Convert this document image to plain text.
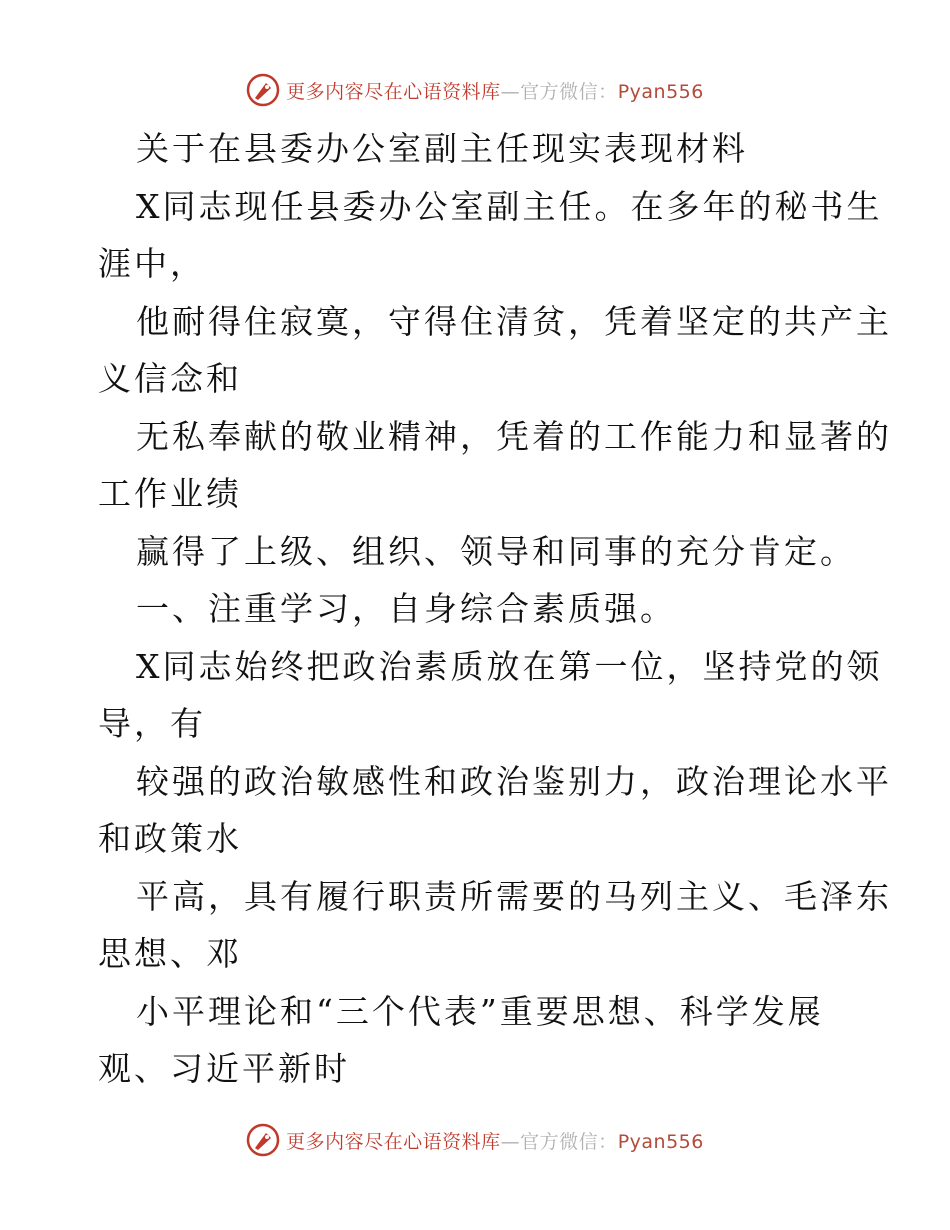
更多内容尽在心语资料库—官方微信：Pyan556
关于在县委办公室副主任现实表现材料
X同志现任县委办公室副主任。在多年的秘书生
涯中，
他耐得住寂寞，守得住清贫，凭着坚定的共产主
义信念和
无私奉献的敬业精神，凭着的工作能力和显著的
工作业绩
赢得了上级、组织、领导和同事的充分肯定。
一、注重学习，自身综合素质强。
X同志始终把政治素质放在第一位，坚持党的领
导，有
较强的政治敏感性和政治鉴别力，政治理论水平
和政策水
平高，具有履行职责所需要的马列主义、毛泽东
思想、邓
小平理论和“三个代表”重要思想、科学发展
观、习近平新时
更多内容尽在心语资料库—官方微信：Pyan556
